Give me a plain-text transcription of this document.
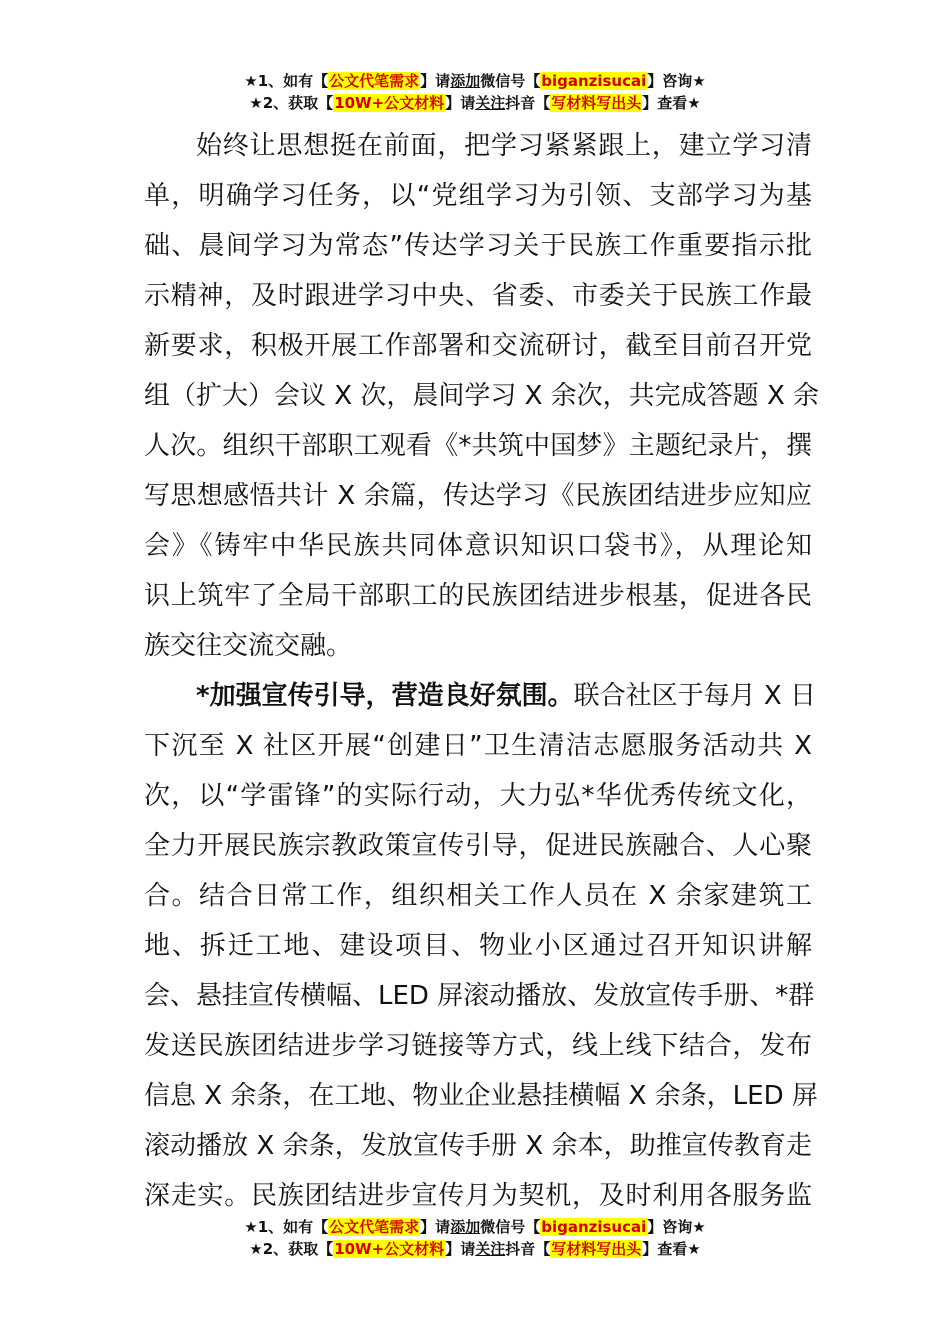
★1、如有【公文代笔需求】请添加微信号【biganzisucai】咨询★
★2、获取【10W+公文材料】请关注抖音【写材料写出头】查看★
始终让思想挺在前面，把学习紧紧跟上，建立学习清
单，明确学习任务，以“党组学习为引领、支部学习为基
础、晨间学习为常态”传达学习关于民族工作重要指示批
示精神，及时跟进学习中央、省委、市委关于民族工作最
新要求，积极开展工作部署和交流研讨，截至目前召开党
组（扩大）会议 X 次，晨间学习 X 余次，共完成答题 X 余
人次。组织干部职工观看《*共筑中国梦》主题纪录片，撰
写思想感悟共计 X 余篇，传达学习《民族团结进步应知应
会》《铸牢中华民族共同体意识知识口袋书》，从理论知
识上筑牢了全局干部职工的民族团结进步根基，促进各民
族交往交流交融。
*加强宣传引导，营造良好氛围。联合社区于每月 X 日
下沉至 X 社区开展“创建日”卫生清洁志愿服务活动共 X
次，以“学雷锋”的实际行动，大力弘*华优秀传统文化，
全力开展民族宗教政策宣传引导，促进民族融合、人心聚
合。结合日常工作，组织相关工作人员在 X 余家建筑工
地、拆迁工地、建设项目、物业小区通过召开知识讲解
会、悬挂宣传横幅、LED 屏滚动播放、发放宣传手册、*群
发送民族团结进步学习链接等方式，线上线下结合，发布
信息 X 余条，在工地、物业企业悬挂横幅 X 余条，LED 屏
滚动播放 X 余条，发放宣传手册 X 余本，助推宣传教育走
深走实。民族团结进步宣传月为契机，及时利用各服务监
★1、如有【公文代笔需求】请添加微信号【biganzisucai】咨询★
★2、获取【10W+公文材料】请关注抖音【写材料写出头】查看★
